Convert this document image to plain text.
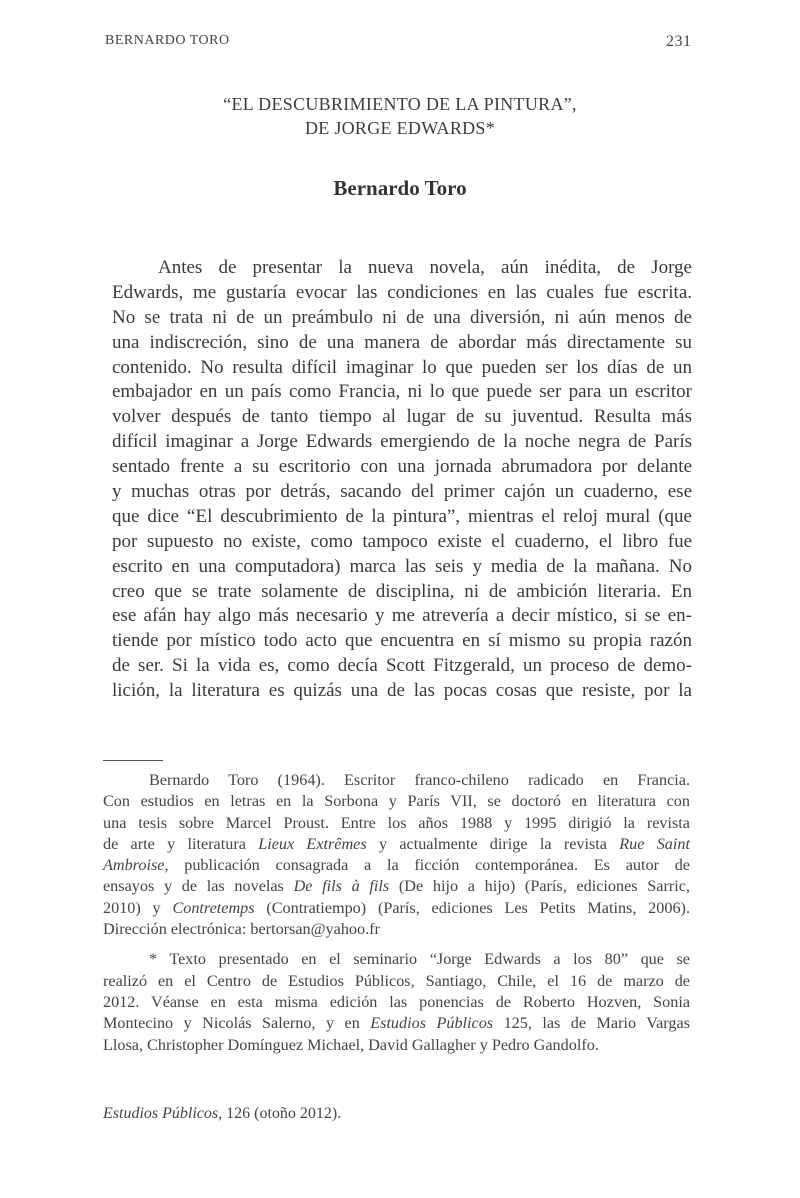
BERNARDO TORO	231
“EL DESCUBRIMIENTO DE LA PINTURA”,
DE JORGE EDWARDS*
Bernardo Toro
Antes de presentar la nueva novela, aún inédita, de Jorge
Edwards, me gustaría evocar las condiciones en las cuales fue escrita.
No se trata ni de un preámbulo ni de una diversión, ni aún menos de
una indiscreción, sino de una manera de abordar más directamente su
contenido. No resulta difícil imaginar lo que pueden ser los días de un
embajador en un país como Francia, ni lo que puede ser para un escritor
volver después de tanto tiempo al lugar de su juventud. Resulta más
difícil imaginar a Jorge Edwards emergiendo de la noche negra de París
sentado frente a su escritorio con una jornada abrumadora por delante
y muchas otras por detrás, sacando del primer cajón un cuaderno, ese
que dice “El descubrimiento de la pintura”, mientras el reloj mural (que
por supuesto no existe, como tampoco existe el cuaderno, el libro fue
escrito en una computadora) marca las seis y media de la mañana. No
creo que se trate solamente de disciplina, ni de ambición literaria. En
ese afán hay algo más necesario y me atrevería a decir místico, si se en-
tiende por místico todo acto que encuentra en sí mismo su propia razón
de ser. Si la vida es, como decía Scott Fitzgerald, un proceso de demo-
lición, la literatura es quizás una de las pocas cosas que resiste, por la
Bernardo Toro (1964). Escritor franco-chileno radicado en Francia.
Con estudios en letras en la Sorbona y París VII, se doctoró en literatura con
una tesis sobre Marcel Proust. Entre los años 1988 y 1995 dirigió la revista
de arte y literatura Lieux Extrêmes y actualmente dirige la revista Rue Saint
Ambroise, publicación consagrada a la ficción contemporánea. Es autor de
ensayos y de las novelas De fils à fils (De hijo a hijo) (París, ediciones Sarric,
2010) y Contretemps (Contratiempo) (París, ediciones Les Petits Matins, 2006).
Dirección electrónica: bertorsan@yahoo.fr
* Texto presentado en el seminario “Jorge Edwards a los 80” que se
realizó en el Centro de Estudios Públicos, Santiago, Chile, el 16 de marzo de
2012. Véanse en esta misma edición las ponencias de Roberto Hozven, Sonia
Montecino y Nicolás Salerno, y en Estudios Públicos 125, las de Mario Vargas
Llosa, Christopher Domínguez Michael, David Gallagher y Pedro Gandolfo.
Estudios Públicos, 126 (otoño 2012).
